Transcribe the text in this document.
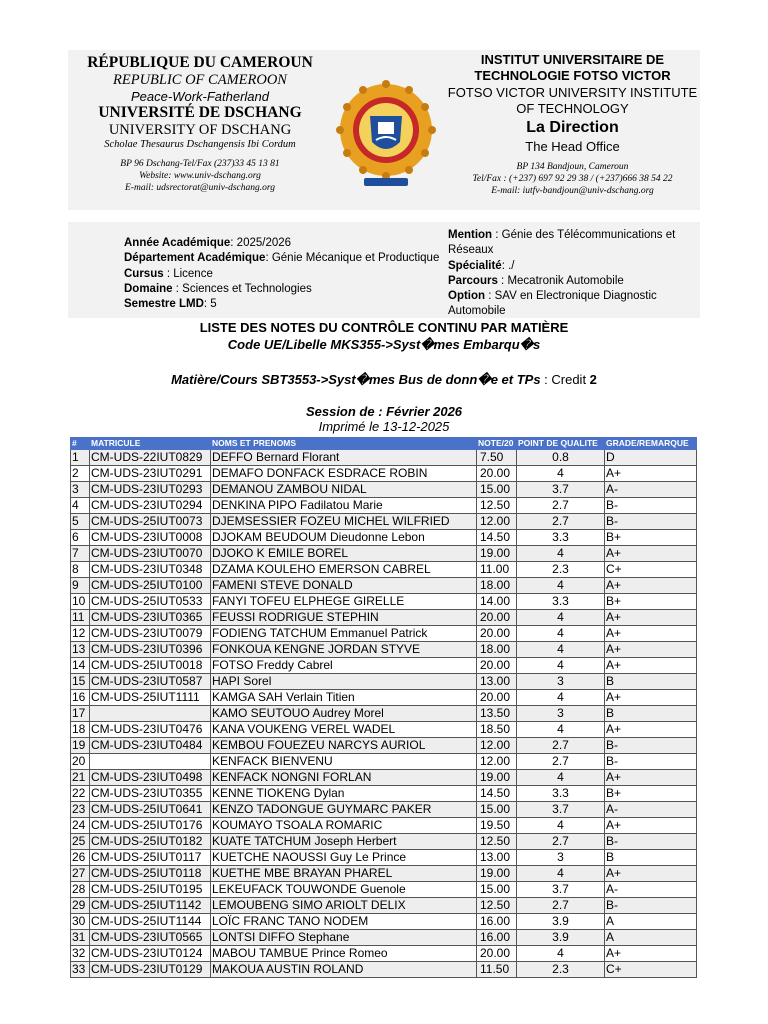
RÉPUBLIQUE DU CAMEROUN
REPUBLIC OF CAMEROON
Peace-Work-Fatherland
UNIVERSITÉ DE DSCHANG
UNIVERSITY OF DSCHANG
Scholae Thesaurus Dschangensis Ibi Cordum
BP 96 Dschang-Tel/Fax (237)33 45 13 81
Website: www.univ-dschang.org
E-mail: udsrectorat@univ-dschang.org
INSTITUT UNIVERSITAIRE DE
TECHNOLOGIE FOTSO VICTOR
FOTSO VICTOR UNIVERSITY INSTITUTE
OF TECHNOLOGY
La Direction
The Head Office
BP 134 Bandjoun, Cameroun
Tel/Fax : (+237) 697 92 29 38 / (+237)666 38 54 22
E-mail: iutfv-bandjoun@univ-dschang.org
Année Académique: 2025/2026
Département Académique: Génie Mécanique et Productique
Cursus : Licence
Domaine : Sciences et Technologies
Semestre LMD: 5
Mention : Génie des Télécommunications et
Réseaux
Spécialité: ./
Parcours : Mecatronik Automobile
Option : SAV en Electronique Diagnostic
Automobile
LISTE DES NOTES DU CONTRÔLE CONTINU PAR MATIÈRE
Code UE/Libelle MKS355->Syst�mes Embarqu�s
Matière/Cours SBT3553->Syst�mes Bus de donn�e et TPs : Credit 2
Session de : Février 2026
Imprimé le 13-12-2025
#	MATRICULE	NOMS ET PRENOMS	NOTE/20	POINT DE QUALITE	GRADE/REMARQUE
1	CM-UDS-22IUT0829	DEFFO Bernard Florant	7.50	0.8	D
2	CM-UDS-23IUT0291	DEMAFO DONFACK ESDRACE ROBIN	20.00	4	A+
3	CM-UDS-23IUT0293	DEMANOU ZAMBOU NIDAL	15.00	3.7	A-
4	CM-UDS-23IUT0294	DENKINA PIPO Fadilatou Marie	12.50	2.7	B-
5	CM-UDS-25IUT0073	DJEMSESSIER FOZEU MICHEL WILFRIED	12.00	2.7	B-
6	CM-UDS-23IUT0008	DJOKAM BEUDOUM Dieudonne Lebon	14.50	3.3	B+
7	CM-UDS-23IUT0070	DJOKO K EMILE BOREL	19.00	4	A+
8	CM-UDS-23IUT0348	DZAMA KOULEHO EMERSON CABREL	11.00	2.3	C+
9	CM-UDS-25IUT0100	FAMENI STEVE DONALD	18.00	4	A+
10	CM-UDS-25IUT0533	FANYI TOFEU ELPHEGE GIRELLE	14.00	3.3	B+
11	CM-UDS-23IUT0365	FEUSSI RODRIGUE STEPHIN	20.00	4	A+
12	CM-UDS-23IUT0079	FODIENG TATCHUM Emmanuel Patrick	20.00	4	A+
13	CM-UDS-23IUT0396	FONKOUA KENGNE JORDAN STYVE	18.00	4	A+
14	CM-UDS-25IUT0018	FOTSO Freddy Cabrel	20.00	4	A+
15	CM-UDS-23IUT0587	HAPI Sorel	13.00	3	B
16	CM-UDS-25IUT1111	KAMGA SAH Verlain Titien	20.00	4	A+
17		KAMO SEUTOUO Audrey Morel	13.50	3	B
18	CM-UDS-23IUT0476	KANA VOUKENG VEREL WADEL	18.50	4	A+
19	CM-UDS-23IUT0484	KEMBOU FOUEZEU NARCYS AURIOL	12.00	2.7	B-
20		KENFACK BIENVENU	12.00	2.7	B-
21	CM-UDS-23IUT0498	KENFACK NONGNI FORLAN	19.00	4	A+
22	CM-UDS-23IUT0355	KENNE TIOKENG Dylan	14.50	3.3	B+
23	CM-UDS-25IUT0641	KENZO TADONGUE GUYMARC PAKER	15.00	3.7	A-
24	CM-UDS-25IUT0176	KOUMAYO TSOALA ROMARIC	19.50	4	A+
25	CM-UDS-25IUT0182	KUATE TATCHUM Joseph Herbert	12.50	2.7	B-
26	CM-UDS-25IUT0117	KUETCHE NAOUSSI Guy Le Prince	13.00	3	B
27	CM-UDS-25IUT0118	KUETHE MBE BRAYAN PHAREL	19.00	4	A+
28	CM-UDS-25IUT0195	LEKEUFACK TOUWONDE Guenole	15.00	3.7	A-
29	CM-UDS-25IUT1142	LEMOUBENG SIMO ARIOLT DELIX	12.50	2.7	B-
30	CM-UDS-25IUT1144	LOÏC FRANC TANO NODEM	16.00	3.9	A
31	CM-UDS-23IUT0565	LONTSI DIFFO Stephane	16.00	3.9	A
32	CM-UDS-23IUT0124	MABOU TAMBUE Prince Romeo	20.00	4	A+
33	CM-UDS-23IUT0129	MAKOUA AUSTIN ROLAND	11.50	2.3	C+
